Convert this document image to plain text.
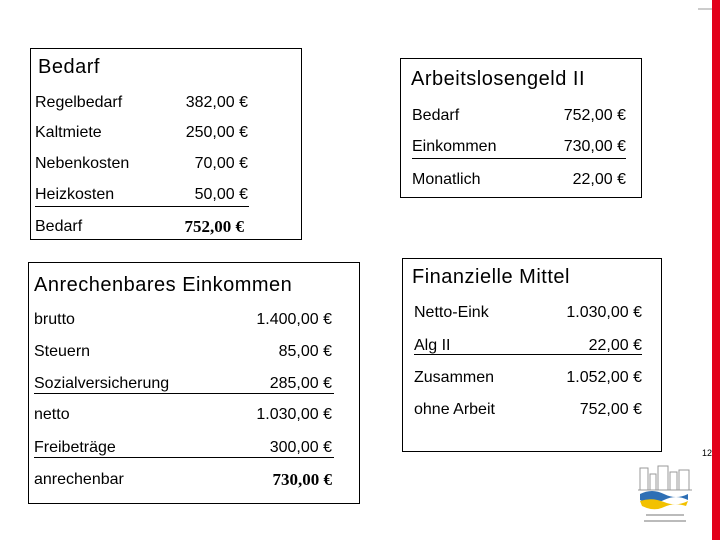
Bedarf
Regelbedarf	382,00 €
Kaltmiete	250,00 €
Nebenkosten	70,00 €
Heizkosten	50,00 €
Bedarf	752,00 €
Arbeitslosengeld II
Bedarf	752,00 €
Einkommen	730,00 €
Monatlich	22,00 €
Anrechenbares Einkommen
brutto	1.400,00 €
Steuern	85,00 €
Sozialversicherung	285,00 €
netto	1.030,00 €
Freibeträge	300,00 €
anrechenbar	730,00 €
Finanzielle Mittel
Netto-Eink	1.030,00 €
Alg II	22,00 €
Zusammen	1.052,00 €
ohne Arbeit	752,00 €
12
